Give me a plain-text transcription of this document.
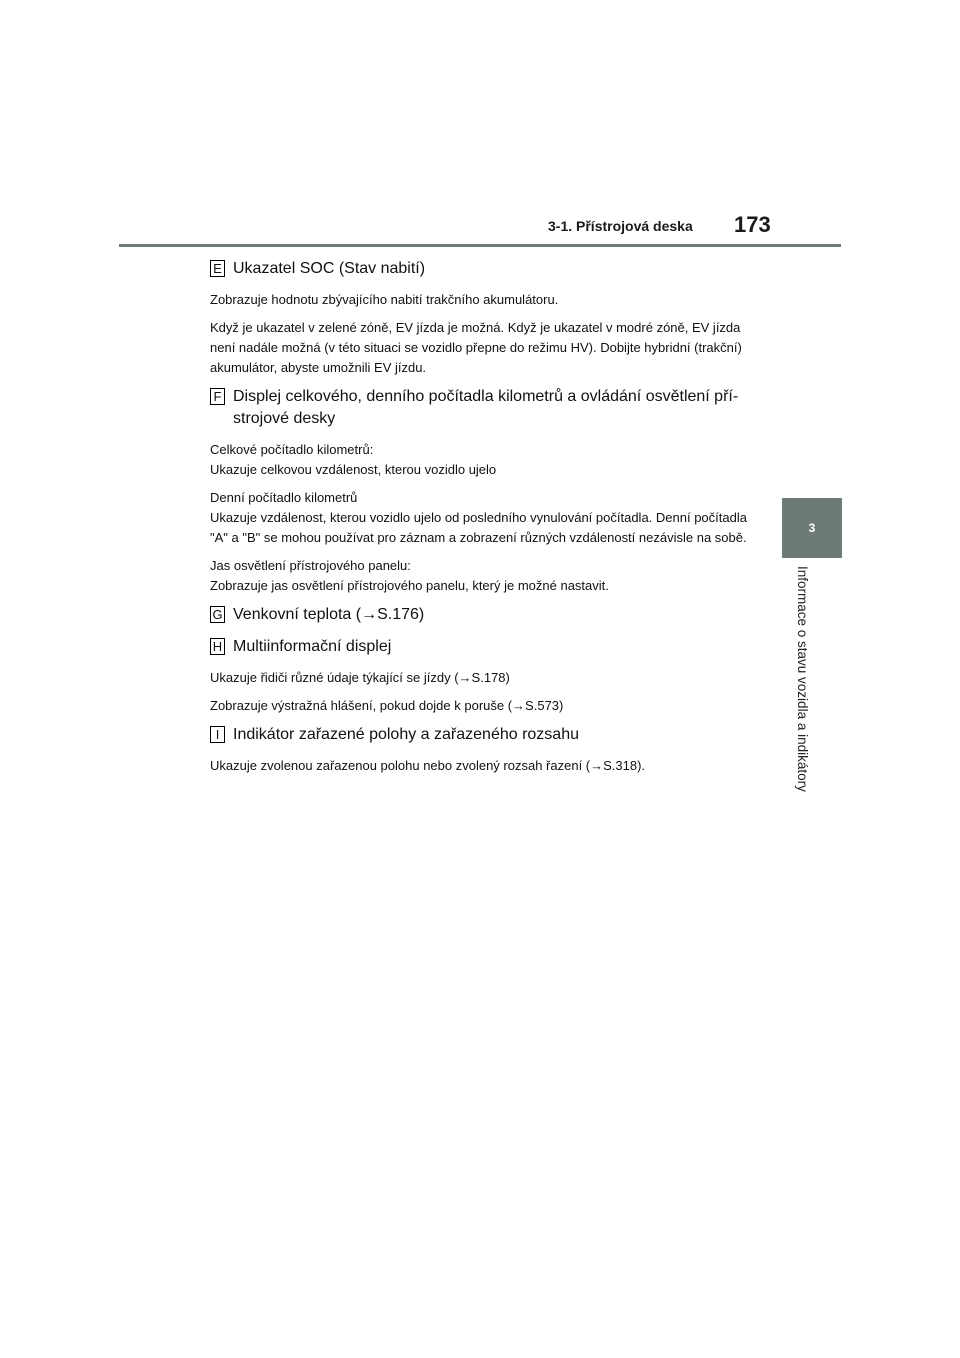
3-1. Přístrojová deska 173
3
Informace o stavu vozidla a indikátory
E Ukazatel SOC (Stav nabití)

Zobrazuje hodnotu zbývajícího nabití trakčního akumulátoru.

Když je ukazatel v zelené zóně, EV jízda je možná. Když je ukazatel v modré zóně, EV jízda není nadále možná (v této situaci se vozidlo přepne do režimu HV). Dobijte hybridní (trakční) akumulátor, abyste umožnili EV jízdu.

F Displej celkového, denního počítadla kilometrů a ovládání osvětlení pří-
strojové desky

Celkové počítadlo kilometrů:
Ukazuje celkovou vzdálenost, kterou vozidlo ujelo

Denní počítadlo kilometrů
Ukazuje vzdálenost, kterou vozidlo ujelo od posledního vynulování počítadla. Denní počítadla "A" a "B" se mohou používat pro záznam a zobrazení různých vzdáleností nezávisle na sobě.

Jas osvětlení přístrojového panelu:
Zobrazuje jas osvětlení přístrojového panelu, který je možné nastavit.

G Venkovní teplota (→S.176)
H Multiinformační displej

Ukazuje řidiči různé údaje týkající se jízdy (→S.178)

Zobrazuje výstražná hlášení, pokud dojde k poruše (→S.573)

I Indikátor zařazené polohy a zařazeného rozsahu

Ukazuje zvolenou zařazenou polohu nebo zvolený rozsah řazení (→S.318).
